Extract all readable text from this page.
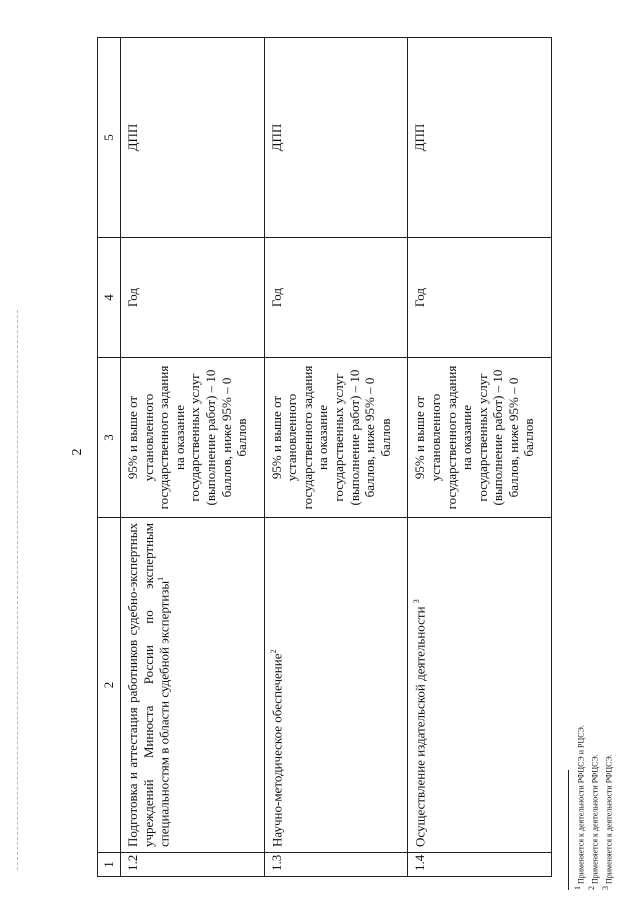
2
1	2	3	4	5
1.2	Подготовка и аттестация работников судебно-экспертных учреждений Минюста России по экспертным специальностям в области судебной экспертизы$^1$	95% и выше от установленного государственного задания на оказание государственных услуг (выполнение работ) – 10 баллов, ниже 95% – 0 баллов	Год	ДПП
1.3	Научно-методическое обеспечение$^2$	95% и выше от установленного государственного задания на оказание государственных услуг (выполнение работ) – 10 баллов, ниже 95% – 0 баллов	Год	ДПП
1.4	Осуществление издательской деятельности $^3$	95% и выше от установленного государственного задания на оказание государственных услуг (выполнение работ) – 10 баллов, ниже 95% – 0 баллов	Год	ДПП
$^1$ Применяется к деятельности РФЦСЭ и РЦСЭ.
$^2$ Применяется к деятельности РФЦСЭ.
$^3$ Применяется к деятельности РФЦСЭ.
